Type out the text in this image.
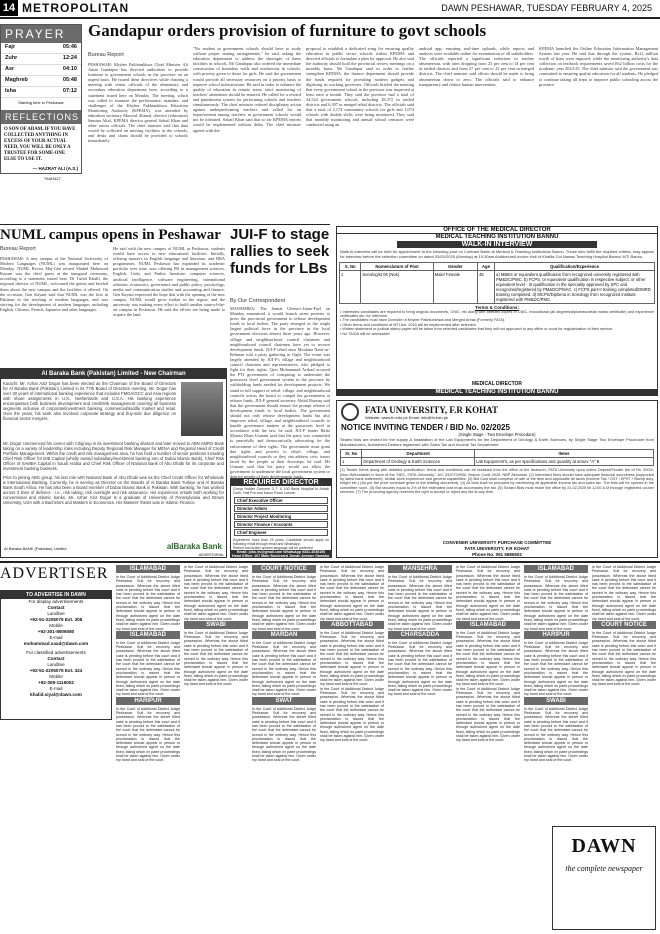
14 METROPOLITAN	DAWN PESHAWAR, TUESDAY FEBRUARY 4, 2025
PRAYER
Fajr	05:46
Zuhr	12:24
Asr	04:10
Maghreb	05:48
Isha	07:12
Starting time in Peshawar
REFLECTIONS
O SON OF ADAM, IF YOU HAVE COLLECTED ANYTHING IN EXCESS OF YOUR ACTUAL NEED, YOU WILL BE ONLY A TRUSTEE FOR SOME-ONE ELSE TO USE IT.
— HAZRAT ALI (A.S.)
76AH427
Gandapur orders provision of furniture to govt schools
Bureau Report
PESHAWAR: Khyber Pakhtunkhwa Chief Minister Ali Amin Gandapur has directed authorities to provide furniture to government schools in the province on an urgent basis. He issued these directives while chairing a meeting with senior officials of the elementary and secondary education department here, according to a statement issued here on Monday. The meeting, which was called to examine the performance, mandate, and challenges of the Khyber Pakhtunkhwa Education Monitoring Authority (KPEMA), was attended by education secretary Masood Ahmad, director (education) Samina Altaf, KPEMA director general Sohail Khan and other senior officials. The chief minister said that data would be collected on missing facilities in the schools, and desks and chairs should be provided to schools immediately.
"No student in government schools should have to study without proper seating arrangements," he said, asking the education department to address the shortages of these facilities in schools. Mr Gandapur also ordered the immediate construction of boundary walls and washrooms in schools, with priority given to those for girls. He said the government would provide all necessary resources on a priority basis to improve school infrastructure. He said in order to enhance the quality of education in remote areas, strict monitoring of teachers' attendance should be ensured. He called for a reward and punishment system for performing schools and teachers simultaneously. The chief minister ordered disciplinary action against underperforming teachers and called for an improvement among teachers in government schools would not be tolerated. Sohail Khan said that so far KPEMA reports would be implemented without delay. The chief minister agreed with the
proposal to establish a dedicated wing for ensuring quality education in public sector schools within KPEMA and directed officials to formulate a plan for approval. He also said the authority should hold the provincial review meetings on a monthly basis. Mr Gandapur said in order to further strengthen KPEMA, the finance department should provide the funds required for providing modern gadgets and digitising its working processes. Officials briefed the meeting that every government school in the province was inspected at least once a month. They said the province had a total of 34,524 government schools, including 28,372 in settled districts and 6,397 in merged tribal districts. The officials said that a total of 2,174 community schools for girls and 1,074 schools with double shifts were being monitored. They said that monthly monitoring and annual school censuses were conducted using an
android app, ensuring real-time uploads, while reports and analysis were available online for examination of all stakeholders. The officials reported a significant reduction in teacher absenteeism, with rates dropping from 23 per cent to 14 per cent in settled districts and from 27 per cent to 23 per cent in merged districts. The chief minister said efforts should be made to bring absenteeism down to zero. The officials said to enhance transparency and reduce human intervention,
KPEMA launched the Online Education Information Management System last year. He said that through the system, Rs12 million worth of fines were imposed, while the monitoring authority's data collection on textbook requirements saved Rs2 billion costs for the academic year 2024-25. The chief minister said the government was committed to ensuring quality education for all students. He pledged to continue taking all steps to improve public schooling across the province.
NUML campus opens in Peshawar
Bureau Report
PESHAWAR: A new campus of the National University of Modern Languages (NUML) was inaugurated here on Monday. NUML Rector Maj-Gen retired Shahid Mahmood Kayani was the chief guest at the inaugural ceremony, according to a statement issued here. Dr Tufail Khalil, the regional director of NUML, welcomed the guests and briefed them about the new campus and the facilities it offered. On the occasion, Gen Kayani said that NUML was the first in Pakistan in the teaching of modern languages, and was striving for the development of modern languages including English, Chinese, French, Japanese and other languages.
He said with the new campus of NUML in Peshawar, students would have access to new educational facilities. Initially, offering master's in English language and literature, and BBA programmes, NUML Peshawar has expanded its academic portfolio over time, now offering BS in management sciences, English, Urdu, and Pashto literature, computer sciences, artificial intelligence, software engineering, international relations, economics, governance and public policy, psychology, media and communication studies and accounting and finance. Gen Kayani expressed the hope that with the opening of the new campus, NUML would grow further in the region, and the university was making every effort to build another state-of-the-art campus in Peshawar. He said the efforts are being made to acquire the land.
JUI-F to stage rallies to seek funds for LBs
By Our Correspondent
MANSEHRA: The Jamiat Ulema-i-Islam-Fazl on Monday announced it would launch street protests to press the provincial government to release development funds to local bodies. The party emerged as the single largest political force in the province in the local government elections almost three years ago. However, village and neighbourhood council chairmen and neighbourhood council chairmen have yet to receive development funds, JUI-F tehsil emir Moulana Nasir-ur-Rehman told a party gathering in Oghi. The event was largely attended by JUI-F's village and neighbourhood council chairmen and representatives, who pledged to fight for their rights. Qazi Mohammad Arshad accused the PTI government of conspiring to undermine the grassroots level government system in the province by withholding funds needed for development projects. We stand in full support of tehsil, village, and neighbourhood councils across the board to compel the government to release funds, JUI-F general secretary Abdul Razzaq said that the government should ensure the prompt release of development funds to local bodies. The government should not only release development funds but also empower tehsil, village, and neighbourhood councils to handle governance matters at the grassroots level in accordance with the law, he said. JUI-F leader Hafiz Momin Khan Usmani said that the party was committed to peacefully and democratically advocating for the enforcement of their rights. The government must grant due rights and powers to tehsil, village, and neighbourhood councils or they can address civic issues faced by the people at their doorsteps, he said. Mr Usmani said that his party would not allow the government to undermine the local government system or deprive people of their development funds.
Al Baraka Bank (Pakistan) Limited - New Chairman
Karachi: Mr. Azhar Aziz Dogar has been elected as the Chairman of the Board of Directors for Al Baraka Bank (Pakistan) Limited in its 77th Board of Directors meeting. Mr. Dogar has over 30 years of international banking experience that includes FMGA/GCC and Asia regions with share assignments in U.K., Netherlands and U.S.A. His banking experience encompasses both business development and credit/risk management covering all business segments inclusive of corporate/investment banking, commercial/middle market and retail. Over the years, his work also involved corporate strategy and buy-side due diligence on financial sector mergers.
Mr. Dogar commenced his career with Citigroup in its investment banking division and later moved to ABN AMRO Bank taking on a variety of leadership roles including Deputy Regional Risk Manager for MENA and Regional Head of Credit Portfolio Management. Within the credit and risk management area, he has held a number of senior positions including Chief Risk Officer for DIB Capital (wholly owned subsidiary/investment banking arm of Dubai Islamic Bank), Chief Risk Officer of SAMBA Capital in Saudi Arabia and Chief Risk Officer of National Bank of Abu Dhabi for its corporate and investment banking business.
Prior to joining ABG group, his last role with National Bank of Abu Dhabi was as the Chief Credit Officer for Wholesale & International Banking. Currently, he is serving as Director on the Boards of Al Baraka Bank Turkiye and Al Baraka Bank South Africa. He has also been a Board member of Dubai Islamic Bank in Pakistan. With banking, he has worked across 3 lines of defence - i.e., risk taking, risk oversight and risk assurance. His experience entails both working for conventional and Islamic banks. Mr. Azhar Aziz Dogar is a graduate of University of Pennsylvania and Brown University, USA with a Bachelors and Masters in Economics. His Masters' thesis was in Islamic Finance.
Al Baraka BANK (Pakistan) Limited	alBaraka Bank
ADVERTORIAL
REQUIRED DIRECTOR
Group Holder Concern G.T. & 100 Beds Hospital in Arhab Garh, Hall Pur and Kasur Road Lahore.
Chief Executive Officer
Director Admin
Director Project Monitoring
Director Finance / Accounts
Chief Engineer
Experience more than 25 years. Candidate should apply on following email through email and WhatsApp.
Retired and Arabic spoken language will be preferred
Email: jobs.vs@gmail.com WhatsApp 0331-4038150
Head Office: 107 Main Boulevard Jinnah Avenue Gawalar.
OFFICE OF THE MEDICAL DIRECTOR
MEDICAL TEACHING INSTITUTION BANNU
WALK-IN INTERVIEW
Walk-in-interview will be held for appointment to the following post on Contract Basis at Medical & Teaching Institutions Bannu. Those who fulfill the required criteria, may appear for interview before the selection committee on dated 03/02/2025 (Monday) at 10:30am Auditorium/Lecture Hall of Khalifa Gul Nawaz Teaching Hospital Bannu/ MTI Bannu.
S. No	Nomenclature of Post	Gender	Age	Qualification/Experience
1	Sonologist 06 (Nos)	Male/ Female	45	a) MBBS or equivalent qualification from recognized university registered with PM&DC/PMC. b) FCPS, or equivalent qualification in respective subject, or other equivalent level - III qualification in the speciality approved by SPC and recognized/registered by PM&DC/PMAC. c) FCPS part-II training completed/DMRD training completed. d) MCPS/Diploma in Sonology from recognized institute registered with PM&DC/PMC.
Terms & Conditions:
• Interested candidates are required to bring original documents, CNIC, etc along with attested copies of CNIC, educational (all degrees/diplomas/detail marks certificate) and experience certificates etc. for interview.
• The candidates must have Domicile of Khyber Pakhtunkhwa and Merged Areas (Formerly FATA).
• Other terms and conditions of MTI Act, 2015 will be implemented after selection.
• Written statement or judicial stamp paper will be taken from selected candidates that they will not approach to any office or court for regularization of their service.
• No TA/DA will be admissible.
MEDICAL DIRECTOR
MEDICAL TEACHING INSTITUTION BANNU
FATA UNIVERSITY, F.R KOHAT
Website: www.fu.edu.pk Email: info@fu.edu.pk
NOTICE INVITING TENDER / BID No. 02/2025
(Single Stage - Two Envelope Procedure)
Sealed bids are invited for the supply & installation of the Lab Equipment's for the Department of Geology & Earth Sciences, by Single Stage Two Envelope Procedure from Manufacturers, Authorized Dealers registered with Sales Tax and Income Tax Department.
Sr. No	Department	Items
1	Department of Geology & Earth Sciences	Lab Equipment's, as per specifications and quantity at annex "A" B
(1) Tender forms along with detailed specification, terms and conditions can be obtained from the office of the treasurer, FATA University upon online Deposit/Tender fee of Rs. 3000/- (Non-Refundable) in favor of the "HEC, FATA University", A/C 3310729930, Branch Code 2026, NBP Akhurwal. (2) Interested firms should have adequate financial soundness (supported by latest bank statement), similar work experience and general capabilities. (3) Bid Cost shall comprise of rate of the item and applicable all taxes (Income Tax / GST / KPST / Stamp duty, freight etc.) (As per the price schedule given in the bidding document). (4) All bids shall be prepared by mentioning all applicable income tax and sales tax. The bids will be opened in the committee room. (5) Bid security equal to 2% of the estimated cost must accompany the bid. (6) Sealed Bids must reach the office by 21.02.2025 till 11:00 A.M through registered courier services. (7) The procuring agency reserves the right to accept or reject any bid at any time.
CONVENER UNIVERSITY PURCHASE COMMITTEE
FATA UNIVERSITY, F.R KOHAT
Phone No. 091 5885502
ADVERTISER
TO ADVERTISE IN DAWN
For display advertisements
Contact
Landline
+92-51-2205075 Ext. 308
Mobile
+92-301-8506080
E-mail
mohammad.saad@dawn.com
For classified advertisements
Contact
Landline
+92-51-2205075 Ext. 324
Mobile
+92-308-1116002
E-mail
khalid.siyal@dawn.com
ISLAMABAD
In the Court of Additional District Judge Peshawar. Suit for recovery and possession. Whereas the above titled case is pending before this court and it has been proved to the satisfaction of the court that the defendant cannot be served in the ordinary way. Hence this proclamation is issued that the defendant should appear in person or through authorized agent on the date fixed, failing which ex parte proceedings shall be taken against him. Given under my hand and seal of the court.
ISLAMABAD
In the Court of Additional District Judge Peshawar. Suit for recovery and possession. Whereas the above titled case is pending before this court and it has been proved to the satisfaction of the court that the defendant cannot be served in the ordinary way. Hence this proclamation is issued that the defendant should appear in person or through authorized agent on the date fixed, failing which ex parte proceedings shall be taken against him. Given under my hand and seal of the court.
HARIPUR
In the Court of Additional District Judge Peshawar. Suit for recovery and possession. Whereas the above titled case is pending before this court and it has been proved to the satisfaction of the court that the defendant cannot be served in the ordinary way. Hence this proclamation is issued that the defendant should appear in person or through authorized agent on the date fixed, failing which ex parte proceedings shall be taken against him. Given under my hand and seal of the court.
In the Court of Additional District Judge Peshawar. Suit for recovery and possession. Whereas the above titled case is pending before this court and it has been proved to the satisfaction of the court that the defendant cannot be served in the ordinary way. Hence this proclamation is issued that the defendant should appear in person or through authorized agent on the date fixed, failing which ex parte proceedings shall be taken against him. Given under my hand and seal of the court.
SWABI
In the Court of Additional District Judge Peshawar. Suit for recovery and possession. Whereas the above titled case is pending before this court and it has been proved to the satisfaction of the court that the defendant cannot be served in the ordinary way. Hence this proclamation is issued that the defendant should appear in person or through authorized agent on the date fixed, failing which ex parte proceedings shall be taken against him. Given under my hand and seal of the court.
COURT NOTICE
In the Court of Additional District Judge Peshawar. Suit for recovery and possession. Whereas the above titled case is pending before this court and it has been proved to the satisfaction of the court that the defendant cannot be served in the ordinary way. Hence this proclamation is issued that the defendant should appear in person or through authorized agent on the date fixed, failing which ex parte proceedings shall be taken against him. Given under my hand and seal of the court.
MARDAN
In the Court of Additional District Judge Peshawar. Suit for recovery and possession. Whereas the above titled case is pending before this court and it has been proved to the satisfaction of the court that the defendant cannot be served in the ordinary way. Hence this proclamation is issued that the defendant should appear in person or through authorized agent on the date fixed, failing which ex parte proceedings shall be taken against him. Given under my hand and seal of the court.
SWAT
In the Court of Additional District Judge Peshawar. Suit for recovery and possession. Whereas the above titled case is pending before this court and it has been proved to the satisfaction of the court that the defendant cannot be served in the ordinary way. Hence this proclamation is issued that the defendant should appear in person or through authorized agent on the date fixed, failing which ex parte proceedings shall be taken against him. Given under my hand and seal of the court.
In the Court of Additional District Judge Peshawar. Suit for recovery and possession. Whereas the above titled case is pending before this court and it has been proved to the satisfaction of the court that the defendant cannot be served in the ordinary way. Hence this proclamation is issued that the defendant should appear in person or through authorized agent on the date fixed, failing which ex parte proceedings shall be taken against him. Given under my hand and seal of the court.
ABBOTTABAD
In the Court of Additional District Judge Peshawar. Suit for recovery and possession. Whereas the above titled case is pending before this court and it has been proved to the satisfaction of the court that the defendant cannot be served in the ordinary way. Hence this proclamation is issued that the defendant should appear in person or through authorized agent on the date fixed, failing which ex parte proceedings shall be taken against him. Given under my hand and seal of the court.
In the Court of Additional District Judge Peshawar. Suit for recovery and possession. Whereas the above titled case is pending before this court and it has been proved to the satisfaction of the court that the defendant cannot be served in the ordinary way. Hence this proclamation is issued that the defendant should appear in person or through authorized agent on the date fixed, failing which ex parte proceedings shall be taken against him. Given under my hand and seal of the court.
MANSEHRA
In the Court of Additional District Judge Peshawar. Suit for recovery and possession. Whereas the above titled case is pending before this court and it has been proved to the satisfaction of the court that the defendant cannot be served in the ordinary way. Hence this proclamation is issued that the defendant should appear in person or through authorized agent on the date fixed, failing which ex parte proceedings shall be taken against him. Given under my hand and seal of the court.
CHARSADDA
In the Court of Additional District Judge Peshawar. Suit for recovery and possession. Whereas the above titled case is pending before this court and it has been proved to the satisfaction of the court that the defendant cannot be served in the ordinary way. Hence this proclamation is issued that the defendant should appear in person or through authorized agent on the date fixed, failing which ex parte proceedings shall be taken against him. Given under my hand and seal of the court.
In the Court of Additional District Judge Peshawar. Suit for recovery and possession. Whereas the above titled case is pending before this court and it has been proved to the satisfaction of the court that the defendant cannot be served in the ordinary way. Hence this proclamation is issued that the defendant should appear in person or through authorized agent on the date fixed, failing which ex parte proceedings shall be taken against him. Given under my hand and seal of the court.
ISLAMABAD
In the Court of Additional District Judge Peshawar. Suit for recovery and possession. Whereas the above titled case is pending before this court and it has been proved to the satisfaction of the court that the defendant cannot be served in the ordinary way. Hence this proclamation is issued that the defendant should appear in person or through authorized agent on the date fixed, failing which ex parte proceedings shall be taken against him. Given under my hand and seal of the court.
In the Court of Additional District Judge Peshawar. Suit for recovery and possession. Whereas the above titled case is pending before this court and it has been proved to the satisfaction of the court that the defendant cannot be served in the ordinary way. Hence this proclamation is issued that the defendant should appear in person or through authorized agent on the date fixed, failing which ex parte proceedings shall be taken against him. Given under my hand and seal of the court.
ISLAMABAD
In the Court of Additional District Judge Peshawar. Suit for recovery and possession. Whereas the above titled case is pending before this court and it has been proved to the satisfaction of the court that the defendant cannot be served in the ordinary way. Hence this proclamation is issued that the defendant should appear in person or through authorized agent on the date fixed, failing which ex parte proceedings shall be taken against him. Given under my hand and seal of the court.
HARIPUR
In the Court of Additional District Judge Peshawar. Suit for recovery and possession. Whereas the above titled case is pending before this court and it has been proved to the satisfaction of the court that the defendant cannot be served in the ordinary way. Hence this proclamation is issued that the defendant should appear in person or through authorized agent on the date fixed, failing which ex parte proceedings shall be taken against him. Given under my hand and seal of the court.
SWABI
In the Court of Additional District Judge Peshawar. Suit for recovery and possession. Whereas the above titled case is pending before this court and it has been proved to the satisfaction of the court that the defendant cannot be served in the ordinary way. Hence this proclamation is issued that the defendant should appear in person or through authorized agent on the date fixed, failing which ex parte proceedings shall be taken against him. Given under my hand and seal of the court.
In the Court of Additional District Judge Peshawar. Suit for recovery and possession. Whereas the above titled case is pending before this court and it has been proved to the satisfaction of the court that the defendant cannot be served in the ordinary way. Hence this proclamation is issued that the defendant should appear in person or through authorized agent on the date fixed, failing which ex parte proceedings shall be taken against him. Given under my hand and seal of the court.
COURT NOTICE
In the Court of Additional District Judge Peshawar. Suit for recovery and possession. Whereas the above titled case is pending before this court and it has been proved to the satisfaction of the court that the defendant cannot be served in the ordinary way. Hence this proclamation is issued that the defendant should appear in person or through authorized agent on the date fixed, failing which ex parte proceedings shall be taken against him. Given under my hand and seal of the court.
DAWN
the complete newspaper
